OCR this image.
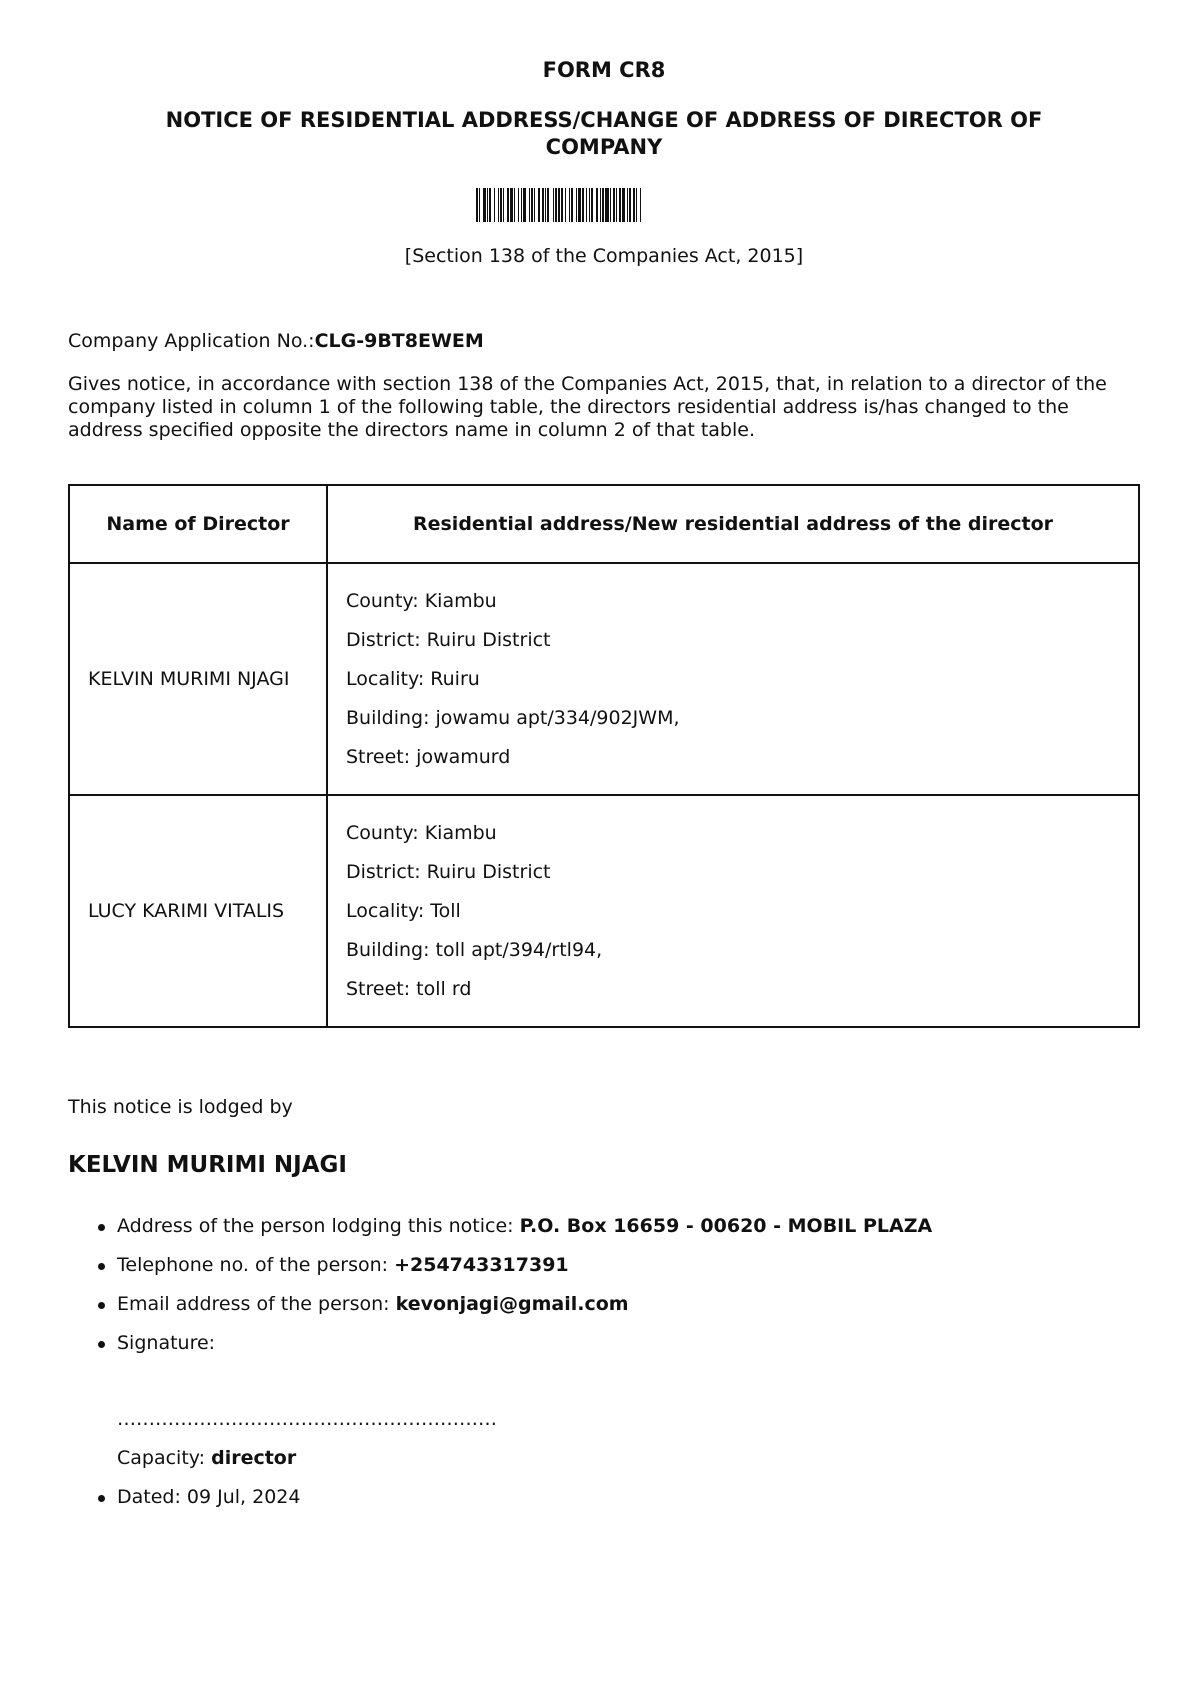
FORM CR8
NOTICE OF RESIDENTIAL ADDRESS/CHANGE OF ADDRESS OF DIRECTOR OF COMPANY

[Section 138 of the Companies Act, 2015]

Company Application No.:CLG-9BT8EWEM

Gives notice, in accordance with section 138 of the Companies Act, 2015, that, in relation to a director of the company listed in column 1 of the following table, the directors residential address is/has changed to the address specified opposite the directors name in column 2 of that table.

Name of Director	Residential address/New residential address of the director
KELVIN MURIMI NJAGI	County: Kiambu
District: Ruiru District
Locality: Ruiru
Building: jowamu apt/334/902JWM,
Street: jowamurd

LUCY KARIMI VITALIS	County: Kiambu
District: Ruiru District
Locality: Toll
Building: toll apt/394/rtl94,
Street: toll rd

This notice is lodged by

KELVIN MURIMI NJAGI
Address of the person lodging this notice: P.O. Box 16659 - 00620 - MOBIL PLAZA
Telephone no. of the person: +254743317391
Email address of the person: kevonjagi@gmail.com
Signature:
……………………………………………………
Capacity: director
Dated: 09 Jul, 2024
